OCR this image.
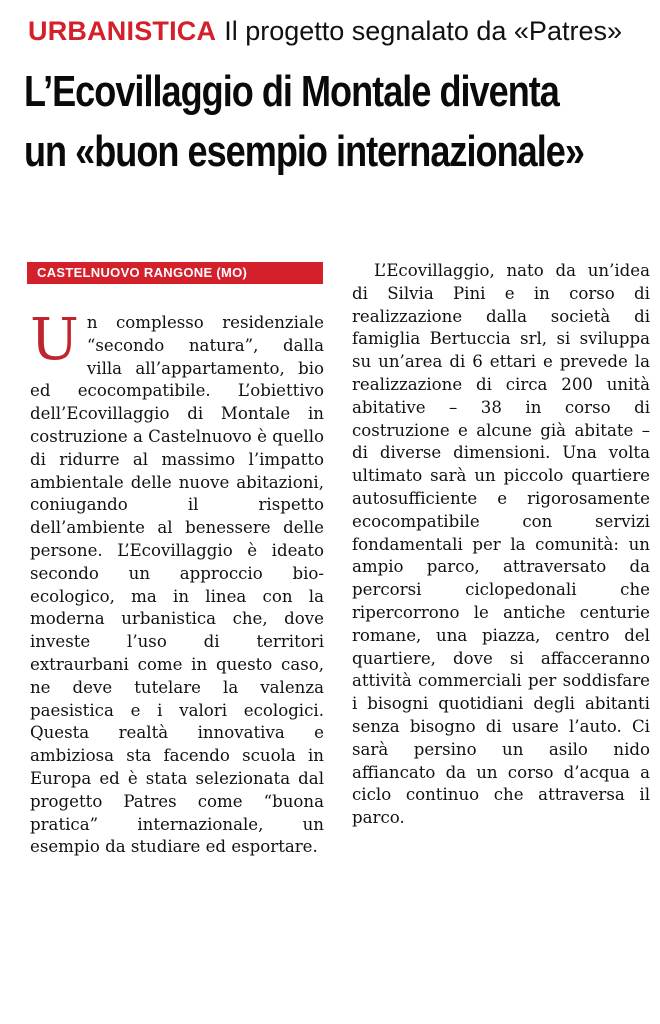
URBANISTICA Il progetto segnalato da «Patres»
L’Ecovillaggio di Montale diventa
un «buon esempio internazionale»
CASTELNUOVO RANGONE (MO)

Un complesso residenziale “secondo natura”, dalla villa all’appartamento, bio ed ecocompatibile. L’obiettivo dell’Ecovillaggio di Montale in costruzione a Castelnuovo è quello di ridurre al massimo l’impatto ambientale delle nuove abitazioni, coniugando il rispetto dell’ambiente al benessere delle persone. L’Ecovillaggio è ideato secondo un approccio bio-ecologico, ma in linea con la moderna urbanistica che, dove investe l’uso di territori extraurbani come in questo caso, ne deve tutelare la valenza paesistica e i valori ecologici. Questa realtà innovativa e ambiziosa sta facendo scuola in Europa ed è stata selezionata dal progetto Patres come “buona pratica” internazionale, un esempio da studiare ed esportare.

L’Ecovillaggio, nato da un’idea di Silvia Pini e in corso di realizzazione dalla società di famiglia Bertuccia srl, si sviluppa su un’area di 6 ettari e prevede la realizzazione di circa 200 unità abitative – 38 in corso di costruzione e alcune già abitate – di diverse dimensioni. Una volta ultimato sarà un piccolo quartiere autosufficiente e rigorosamente ecocompatibile con servizi fondamentali per la comunità: un ampio parco, attraversato da percorsi ciclopedonali che ripercorrono le antiche centurie romane, una piazza, centro del quartiere, dove si affacceranno attività commerciali per soddisfare i bisogni quotidiani degli abitanti senza bisogno di usare l’auto. Ci sarà persino un asilo nido affiancato da un corso d’acqua a ciclo continuo che attraversa il parco.
